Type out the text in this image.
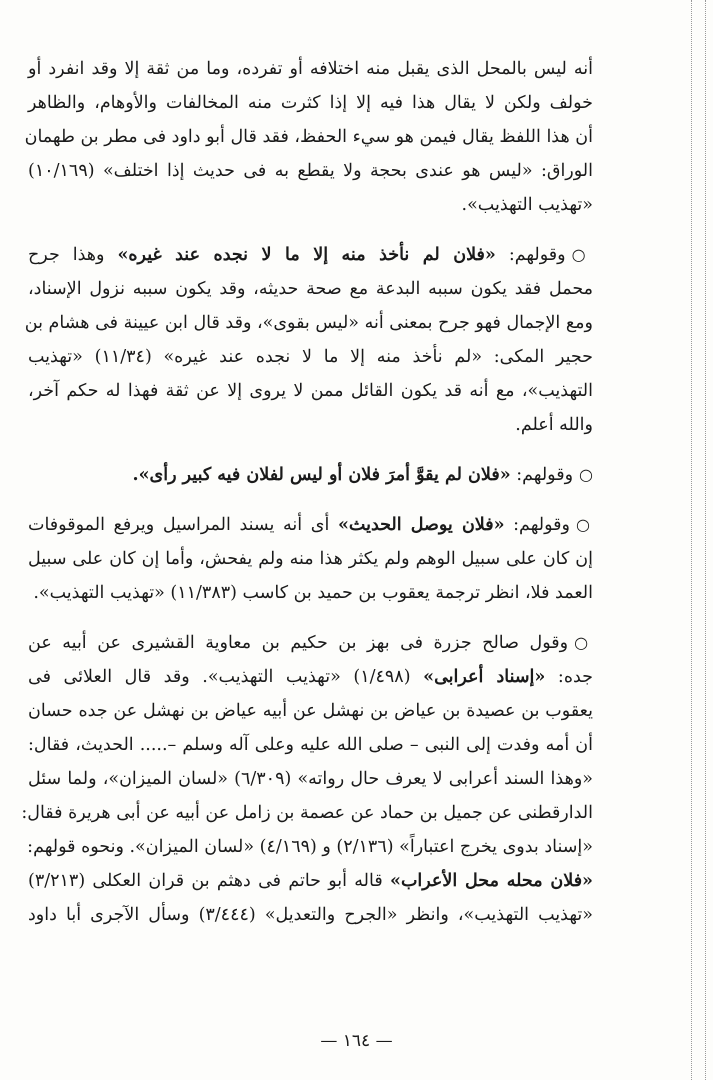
أنه ليس بالمحل الذى يقبل منه اختلافه أو تفرده، وما من ثقة إلا وقد انفرد أو
خولف ولكن لا يقال هذا فيه إلا إذا كثرت منه المخالفات والأوهام، والظاهر
أن هذا اللفظ يقال فيمن هو سيء الحفظ، فقد قال أبو داود فى مطر بن طهمان
الوراق: «ليس هو عندى بحجة ولا يقطع به فى حديث إذا اختلف» (١٠/١٦٩)
«تهذيب التهذيب».
○وقولهم: «فلان لم نأخذ منه إلا ما لا نجده عند غيره» وهذا جرح
محمل فقد يكون سببه البدعة مع صحة حديثه، وقد يكون سببه نزول الإسناد،
ومع الإجمال فهو جرح بمعنى أنه «ليس بقوى»، وقد قال ابن عيينة فى هشام بن
حجير المكى: «لم نأخذ منه إلا ما لا نجده عند غيره» (١١/٣٤) «تهذيب
التهذيب»، مع أنه قد يكون القائل ممن لا يروى إلا عن ثقة فهذا له حكم آخر،
والله أعلم.
○وقولهم: «فلان لم يقوَّ أمرَ فلان أو ليس لفلان فيه كبير رأى».
○وقولهم: «فلان يوصل الحديث» أى أنه يسند المراسيل ويرفع الموقوفات
إن كان على سبيل الوهم ولم يكثر هذا منه ولم يفحش، وأما إن كان على سبيل
العمد فلا، انظر ترجمة يعقوب بن حميد بن كاسب (١١/٣٨٣) «تهذيب التهذيب».
○وقول صالح جزرة فى بهز بن حكيم بن معاوية القشيرى عن أبيه عن
جده: «إسناد أعرابى» (١/٤٩٨) «تهذيب التهذيب». وقد قال العلائى فى
يعقوب بن عصيدة بن عياض بن نهشل عن أبيه عياض بن نهشل عن جده حسان
أن أمه وفدت إلى النبى – صلى الله عليه وعلى آله وسلم –..... الحديث، فقال:
«وهذا السند أعرابى لا يعرف حال رواته» (٦/٣٠٩) «لسان الميزان»، ولما سئل
الدارقطنى عن جميل بن حماد عن عصمة بن زامل عن أبيه عن أبى هريرة فقال:
«إسناد بدوى يخرج اعتباراً» (٢/١٣٦) و (٤/١٦٩) «لسان الميزان». ونحوه قولهم:
«فلان محله محل الأعراب» قاله أبو حاتم فى دهثم بن قران العكلى (٣/٢١٣)
«تهذيب التهذيب»، وانظر «الجرح والتعديل» (٣/٤٤٤) وسأل الآجرى أبا داود
— ١٦٤ —
